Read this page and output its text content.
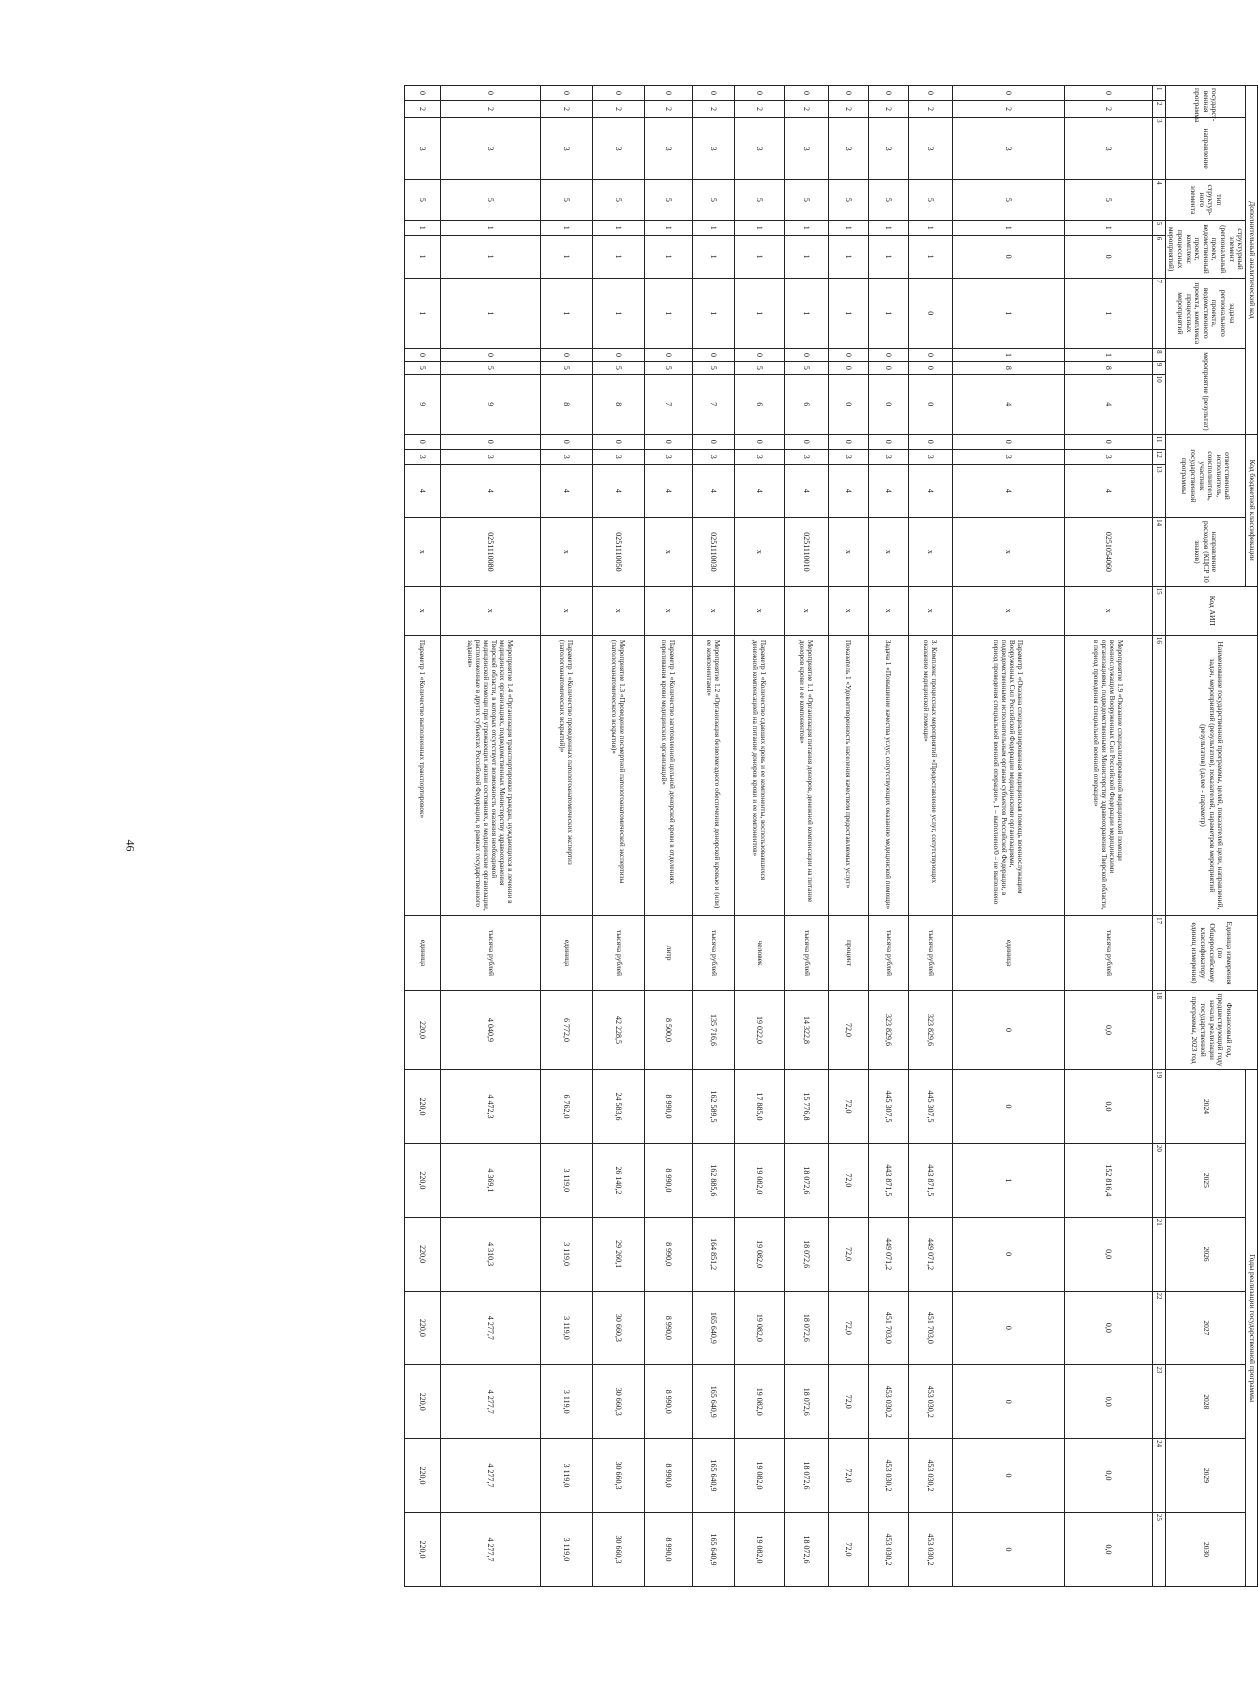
46
Дополнительный аналитический код										Код бюджетной классификации				Код АИП	Наименование государственной программы, целей, показателей цели, направлений, задач, мероприятий (результатов), показателей, параметров мероприятий (результатов) (далее - параметр)	Единица измерения (по Общероссийскому классификатору единиц измерения)	Финансовый год, предшествующий году начала реализации государственной программы, 2023 год	Годы реализации государственной программы						
государст-венная программа		направление	тип структур-ного элемента	структурный элемент (региональный проект, ведомственный проект, комплекс процессных мероприятий)		задача регионального проекта, ведомственного проекта, комплекса процессных мероприятий	мероприятие (результат)			ответственный исполнитель, соисполнитель, участник государственной программы			направление расходов (КЦСР 10 знаков)					2024	2025	2026	2027	2028	2029	2030

1	2	3	4	5	6	7	8	9	10	11	12	13	14	15	16	17	18	19	20	21	22	23	24	25
0	2	3	5	1	0	1	1	8	4	0	3	4	0251054060	х	Мероприятие 1.9 «Оказание специализированной медицинской помощи военнослужащим Вооруженных Сил Российской Федерации медицинскими организациями, подведомственными Министерству здравоохранения Тверской области, в период проведения специальной военной операции»	тысяча рублей	0,0	0,0	152 816,4	0,0	0,0	0,0	0,0	0,0
0	2	3	5	1	0	1	1	8	4	0	3	4	х	х	Параметр 1 «Оказана специализированная медицинская помощь военнослужащим Вооруженных Сил Российской Федерации медицинскими организациями, подведомственными исполнительным органам субъектов Российской Федерации, в период проведения специальной военной операции», 1 – выполнено/0 – не выполнено	единица	0	0	1	0	0	0	0	0
0	2	3	5	1	1	0	0	0	0	0	3	4	х	х	3. Комплекс процессных мероприятий «Предоставление услуг, сопутствующих оказанию медицинской помощи»	тысяча рублей	323 829,6	445 307,5	443 871,5	449 071,2	451 703,0	453 030,2	453 030,2	453 030,2
0	2	3	5	1	1	1	0	0	0	0	3	4	х	х	Задача 1 «Повышение качества услуг, сопутствующих оказанию медицинской помощи»	тысяча рублей	323 829,6	445 307,5	443 871,5	449 071,2	451 703,0	453 030,2	453 030,2	453 030,2
0	2	3	5	1	1	1	0	0	0	0	3	4	х	х	Показатель 1 «Удовлетворенность населения качеством предоставляемых услуг»	процент	72,0	72,0	72,0	72,0	72,0	72,0	72,0	72,0
0	2	3	5	1	1	1	0	5	6	0	3	4	0251110010	х	Мероприятие 1.1 «Организация питания доноров, денежной компенсации на питание доноров крови и ее компонентов»	тысяча рублей	14 322,8	15 776,8	18 072,6	18 072,6	18 072,6	18 072,6	18 072,6	18 072,6
0	2	3	5	1	1	1	0	5	6	0	3	4	х	х	Параметр 1 «Количество сдавших кровь и ее компоненты, воспользовавшихся денежной компенсацией на питание доноров крови и ее компонентов»	человек	19 022,0	17 885,0	19 082,0	19 082,0	19 082,0	19 082,0	19 082,0	19 082,0
0	2	3	5	1	1	1	0	5	7	0	3	4	0251110030	х	Мероприятие 1.2 «Организация безвозмездного обеспечения донорской кровью и (или) ее компонентами»	тысяча рублей	135 716,6	162 589,5	162 885,6	164 851,2	165 640,9	165 640,9	165 640,9	165 640,9
0	2	3	5	1	1	1	0	5	7	0	3	4	х	х	Параметр 1 «Количество заготовленной цельной донорской крови в отделениях переливания крови медицинских организаций»	литр	8 500,0	8 990,0	8 990,0	8 990,0	8 990,0	8 990,0	8 990,0	8 990,0
0	2	3	5	1	1	1	0	5	8	0	3	4	0251110050	х	Мероприятие 1.3 «Проведение посмертной патологоанатомической экспертизы (патологоанатомического вскрытия)»	тысяча рублей	42 228,5	24 583,6	26 140,2	29 260,1	30 660,3	30 660,3	30 660,3	30 660,3
0	2	3	5	1	1	1	0	5	8	0	3	4	х	х	Параметр 1 «Количество проведенных патологоанатомических экспертиз (патологоанатомических вскрытий)»	единица	6 772,0	6 762,0	3 119,0	3 119,0	3 119,0	3 119,0	3 119,0	3 119,0
0	2	3	5	1	1	1	0	5	9	0	3	4	0251110080	х	Мероприятие 1.4 «Организация транспортировки граждан, нуждающихся в лечении в медицинских организациях, подведомственных Министерству здравоохранения Тверской области, в которых отсутствует возможность оказания необходимой медицинской помощи при угрожающих жизни состояниях, в медицинские организации, расположенные в других субъектах Российской Федерации, в рамках государственного задания»	тысяча рублей	4 040,9	4 472,3	4 369,1	4 310,3	4 277,7	4 277,7	4 277,7	4 277,7
0	2	3	5	1	1	1	0	5	9	0	3	4	х	х	Параметр 1 «Количество выполненных транспортировок»	единица	220,0	220,0	220,0	220,0	220,0	220,0	220,0	220,0
